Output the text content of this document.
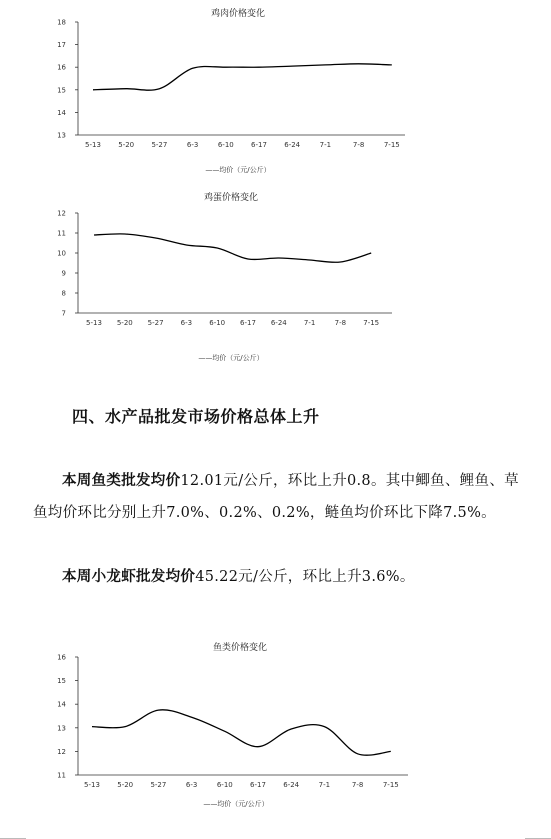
鸡肉价格变化
13
14
15
16
17
18
5-13 5-20 5-27	6-3	6-10 6-17 6-24	7-1	7-8	7-15
——均价（元/公斤）
鸡蛋价格变化
7
8
9
10
11
12
5-13 5-20 5-27 6-3 6-10 6-17 6-24 7-1	7-8 7-15
——均价（元/公斤）
四、水产品批发市场价格总体上升

本周鱼类批发均价12.01元/公斤，环比上升0.8。其中鲫鱼、鲤鱼、草鱼均价环比分别上升7.0%、0.2%、0.2%，鲢鱼均价环比下降7.5%。

本周小龙虾批发均价45.22元/公斤，环比上升3.6%。

鱼类价格变化
11
12
13
14
15
16
5-13 5-20 5-27	6-3	6-10 6-17 6-24	7-1	7-8	7-15
——均价（元/公斤）
